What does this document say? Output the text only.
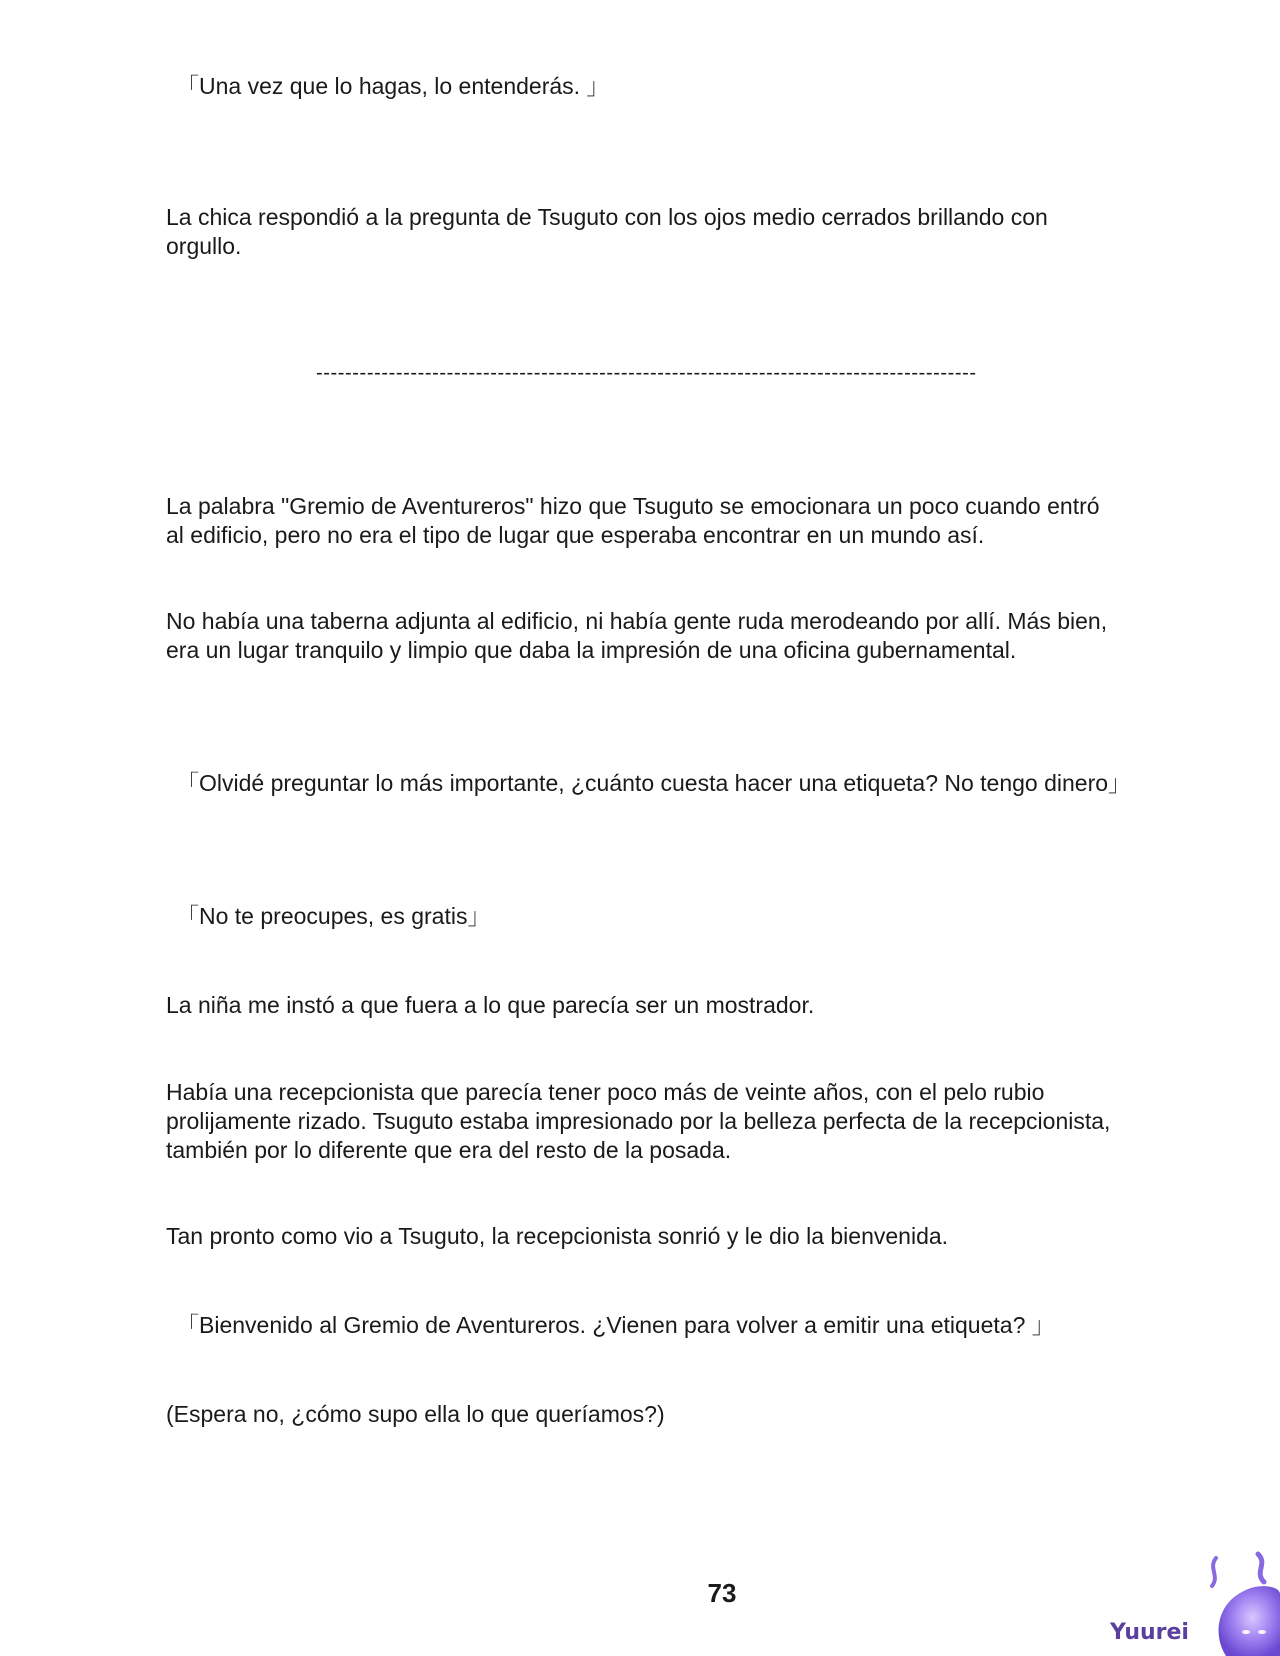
「Una vez que lo hagas, lo entenderás. 」
La chica respondió a la pregunta de Tsuguto con los ojos medio cerrados brillando con
orgullo.
-------------------------------------------------------------------------------------------
La palabra "Gremio de Aventureros" hizo que Tsuguto se emocionara un poco cuando entró
al edificio, pero no era el tipo de lugar que esperaba encontrar en un mundo así.
No había una taberna adjunta al edificio, ni había gente ruda merodeando por allí. Más bien,
era un lugar tranquilo y limpio que daba la impresión de una oficina gubernamental.
「Olvidé preguntar lo más importante, ¿cuánto cuesta hacer una etiqueta? No tengo dinero」
「No te preocupes, es gratis」
La niña me instó a que fuera a lo que parecía ser un mostrador.
Había una recepcionista que parecía tener poco más de veinte años, con el pelo rubio
prolijamente rizado. Tsuguto estaba impresionado por la belleza perfecta de la recepcionista,
también por lo diferente que era del resto de la posada.
Tan pronto como vio a Tsuguto, la recepcionista sonrió y le dio la bienvenida.
「Bienvenido al Gremio de Aventureros. ¿Vienen para volver a emitir una etiqueta? 」
(Espera no, ¿cómo supo ella lo que queríamos?)
73
Yuurei
